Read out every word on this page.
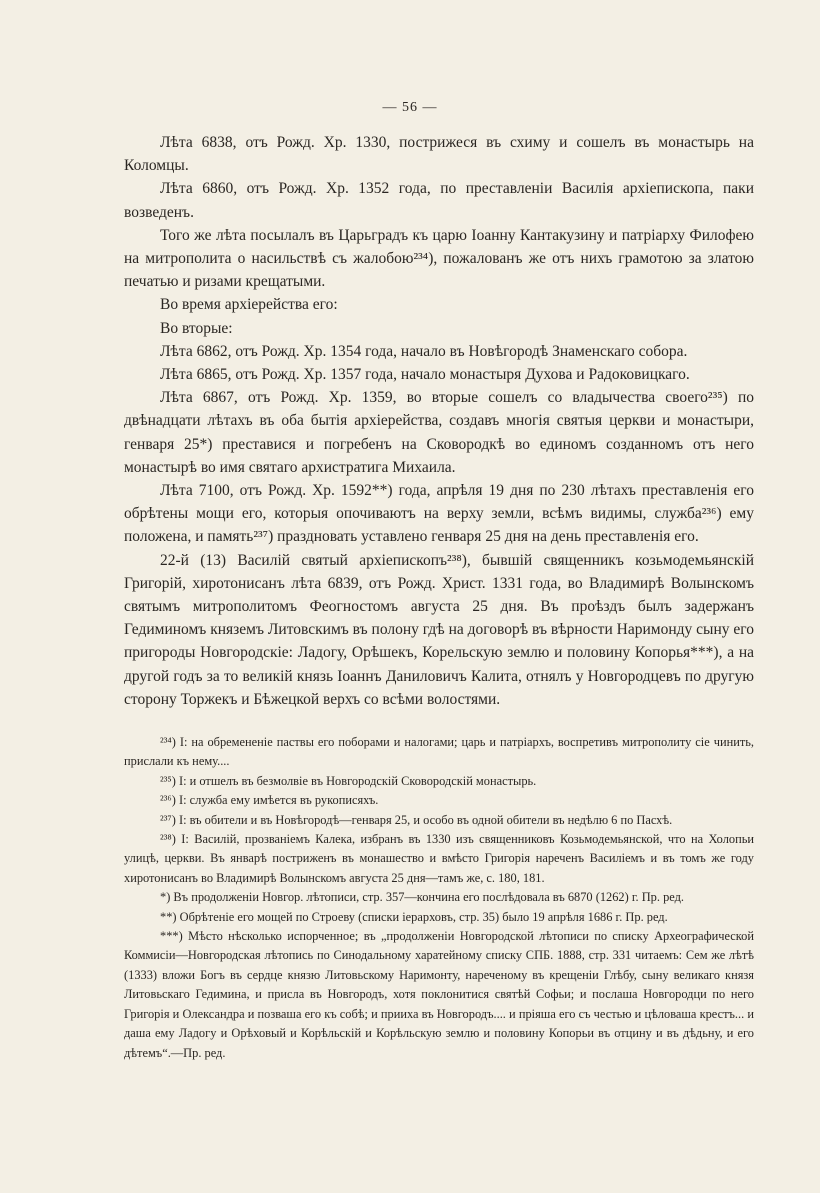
— 56 —

Лѣта 6838, отъ Рожд. Хр. 1330, пострижеся въ схиму и сошелъ въ монастырь на Коломцы.

Лѣта 6860, отъ Рожд. Хр. 1352 года, по преставленіи Василія архіепископа, паки возведенъ.

Того же лѣта посылалъ въ Царьградъ къ царю Іоанну Кантакузину и патріарху Филофею на митрополита о насильствѣ съ жалобою²³⁴), пожалованъ же отъ нихъ грамотою за златою печатью и ризами крещатыми.

Во время архіерейства его:

Во вторые:

Лѣта 6862, отъ Рожд. Хр. 1354 года, начало въ Новѣгородѣ Знаменскаго собора.

Лѣта 6865, отъ Рожд. Хр. 1357 года, начало монастыря Духова и Радоковицкаго.

Лѣта 6867, отъ Рожд. Хр. 1359, во вторые сошелъ со владычества своего²³⁵) по двѣнадцати лѣтахъ въ оба бытія архіерейства, создавъ многія святыя церкви и монастыри, генваря 25*) преставися и погребенъ на Сковородкѣ во единомъ созданномъ отъ него монастырѣ во имя святаго архистратига Михаила.

Лѣта 7100, отъ Рожд. Хр. 1592**) года, апрѣля 19 дня по 230 лѣтахъ преставленія его обрѣтены мощи его, которыя опочиваютъ на верху земли, всѣмъ видимы, служба²³⁶) ему положена, и память²³⁷) праздновать уставлено генваря 25 дня на день преставленія его.

22-й (13) Василій святый архіепископъ²³⁸), бывшій священникъ козьмодемьянскій Григорій, хиротонисанъ лѣта 6839, отъ Рожд. Христ. 1331 года, во Владимирѣ Волынскомъ святымъ митрополитомъ Феогностомъ августа 25 дня. Въ проѣздъ былъ задержанъ Гедиминомъ княземъ Литовскимъ въ полону гдѣ на договорѣ въ вѣрности Наримонду сыну его пригороды Новгородскіе: Ладогу, Орѣшекъ, Корельскую землю и половину Копорья***), а на другой годъ за то великій князь Іоаннъ Даниловичъ Калита, отнялъ у Новгородцевъ по другую сторону Торжекъ и Бѣжецкой верхъ со всѣми волостями.

²³⁴) I: на обремененіе паствы его поборами и налогами; царь и патріархъ, воспретивъ митрополиту сіе чинить, прислали къ нему....

²³⁵) I: и отшелъ въ безмолвіе въ Новгородскій Сковородскій монастырь.

²³⁶) I: служба ему имѣется въ рукописяхъ.

²³⁷) I: въ обители и въ Новѣгородѣ—генваря 25, и особо въ одной обители въ недѣлю 6 по Пасхѣ.

²³⁸) I: Василій, прозваніемъ Калека, избранъ въ 1330 изъ священниковъ Козьмодемьянской, что на Холопьи улицѣ, церкви. Въ январѣ постриженъ въ монашество и вмѣсто Григорія нареченъ Василіемъ и въ томъ же году хиротонисанъ во Владимирѣ Волынскомъ августа 25 дня—тамъ же, с. 180, 181.

*) Въ продолженіи Новгор. лѣтописи, стр. 357—кончина его послѣдовала въ 6870 (1262) г. Пр. ред.

**) Обрѣтеніе его мощей по Строеву (списки іерарховъ, стр. 35) было 19 апрѣля 1686 г. Пр. ред.

***) Мѣсто нѣсколько испорченное; въ „продолженіи Новгородской лѣтописи по списку Археографической Коммисіи—Новгородская лѣтопись по Синодальному харатейному списку СПБ. 1888, стр. 331 читаемъ: Сем же лѣтѣ (1333) вложи Богъ въ сердце князю Литовьскому Наримонту, нареченому въ крещеніи Глѣбу, сыну великаго князя Литовьскаго Гедимина, и присла въ Новгородъ, хотя поклонитися святѣй Софьи; и послаша Новгородци по него Григорія и Олександра и позваша его къ собѣ; и прииха въ Новгородъ.... и пріяша его съ честью и цѣловаша крестъ... и даша ему Ладогу и Орѣховый и Корѣльскій и Корѣльскую землю и половину Копорьи въ отцину и въ дѣдьну, и его дѣтемъ“.—Пр. ред.
